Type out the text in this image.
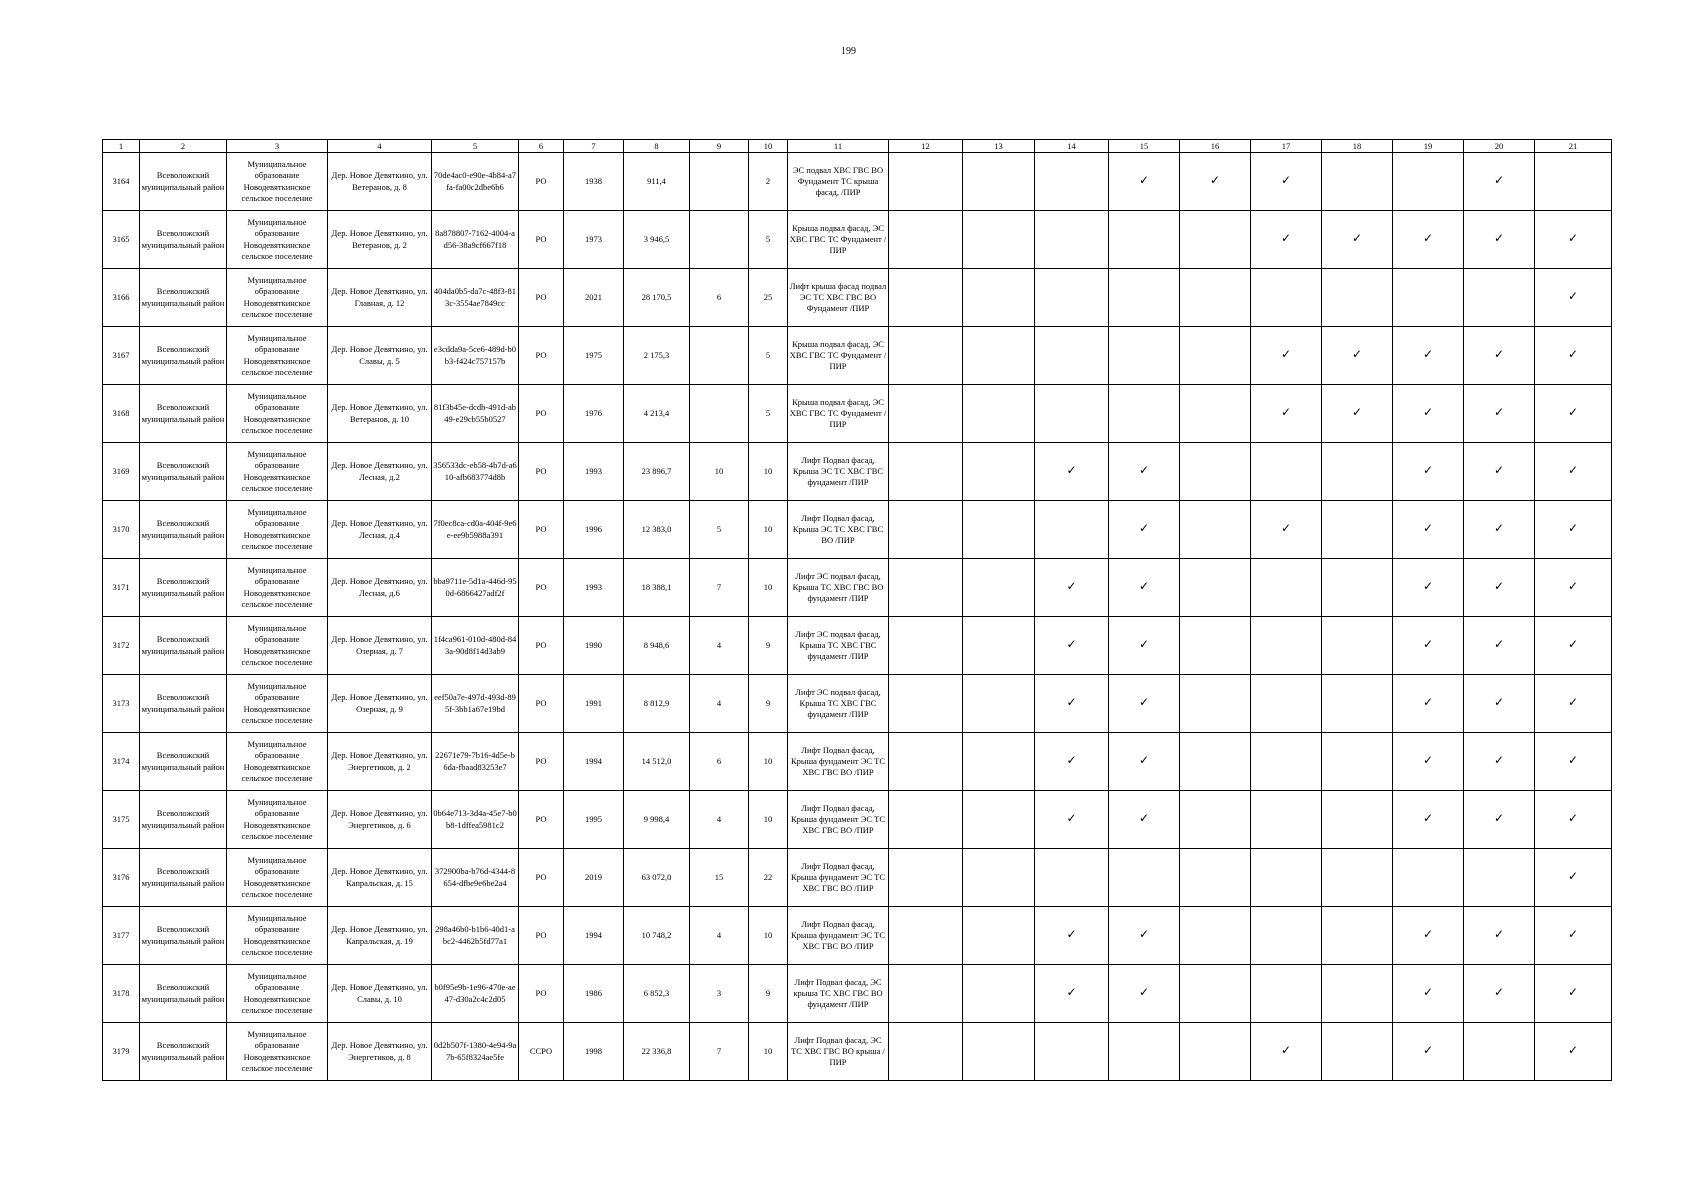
199
1	2	3	4	5	6	7	8	9	10	11	12	13	14	15	16	17	18	19	20	21
3164	Всеволожский муниципальный район	Муниципальное образование Новодевяткинское сельское поселение	Дер. Новое Девяткино, ул. Ветеранов, д. 8	70de4ac0-e90e-4b84-a7fa-fa00c2dbe6b6	РО	1938	911,4		2	ЭС подвал ХВС ГВС ВО Фундамент ТС крыша фасад, /ПИР				✓	✓	✓			✓	
3165	Всеволожский муниципальный район	Муниципальное образование Новодевяткинское сельское поселение	Дер. Новое Девяткино, ул. Ветеранов, д. 2	8a878807-7162-4004-ad56-38a9cf667f18	РО	1973	3 946,5		5	Крыша подвал фасад, ЭС ХВС ГВС ТС Фундамент /ПИР						✓	✓	✓	✓	✓
3166	Всеволожский муниципальный район	Муниципальное образование Новодевяткинское сельское поселение	Дер. Новое Девяткино, ул. Главная, д. 12	404da0b5-da7c-48f3-813c-3554ae7849cc	РО	2021	28 170,5	6	25	Лифт крыша фасад подвал ЭС ТС ХВС ГВС ВО Фундамент /ПИР										✓
3167	Всеволожский муниципальный район	Муниципальное образование Новодевяткинское сельское поселение	Дер. Новое Девяткино, ул. Славы, д. 5	e3cdda9a-5ce6-489d-b0b3-f424c757157b	РО	1975	2 175,3		5	Крыша подвал фасад, ЭС ХВС ГВС ТС Фундамент /ПИР						✓	✓	✓	✓	✓
3168	Всеволожский муниципальный район	Муниципальное образование Новодевяткинское сельское поселение	Дер. Новое Девяткино, ул. Ветеранов, д. 10	81f3b45e-dcdb-491d-ab49-e29cb55b0527	РО	1976	4 213,4		5	Крыша подвал фасад, ЭС ХВС ГВС ТС Фундамент /ПИР						✓	✓	✓	✓	✓
3169	Всеволожский муниципальный район	Муниципальное образование Новодевяткинское сельское поселение	Дер. Новое Девяткино, ул. Лесная, д.2	356533dc-eb58-4b7d-a610-afb683774d8b	РО	1993	23 896,7	10	10	Лифт Подвал фасад, Крыша ЭС ТС ХВС ГВС фундамент /ПИР			✓	✓				✓	✓	✓
3170	Всеволожский муниципальный район	Муниципальное образование Новодевяткинское сельское поселение	Дер. Новое Девяткино, ул. Лесная, д.4	7f0ec8ca-cd0a-404f-9e6e-ee9b5988a391	РО	1996	12 383,0	5	10	Лифт Подвал фасад, Крыша ЭС ТС ХВС ГВС ВО /ПИР				✓		✓		✓	✓	✓
3171	Всеволожский муниципальный район	Муниципальное образование Новодевяткинское сельское поселение	Дер. Новое Девяткино, ул. Лесная, д.6	bba9711e-5d1a-446d-950d-6866427adf2f	РО	1993	18 388,1	7	10	Лифт ЭС подвал фасад, Крыша ТС ХВС ГВС ВО фундамент /ПИР			✓	✓				✓	✓	✓
3172	Всеволожский муниципальный район	Муниципальное образование Новодевяткинское сельское поселение	Дер. Новое Девяткино, ул. Озерная, д. 7	1f4ca961-010d-480d-843a-90d8f14d3ab9	РО	1990	8 948,6	4	9	Лифт ЭС подвал фасад, Крыша ТС ХВС ГВС фундамент /ПИР			✓	✓				✓	✓	✓
3173	Всеволожский муниципальный район	Муниципальное образование Новодевяткинское сельское поселение	Дер. Новое Девяткино, ул. Озерная, д. 9	eef50a7e-497d-493d-895f-3bb1a67e19bd	РО	1991	8 812,9	4	9	Лифт ЭС подвал фасад, Крыша ТС ХВС ГВС фундамент /ПИР			✓	✓				✓	✓	✓
3174	Всеволожский муниципальный район	Муниципальное образование Новодевяткинское сельское поселение	Дер. Новое Девяткино, ул. Энергетиков, д. 2	22671e79-7b16-4d5e-b6da-fbaad83253e7	РО	1994	14 512,0	6	10	Лифт Подвал фасад, Крыша фундамент ЭС ТС ХВС ГВС ВО /ПИР			✓	✓				✓	✓	✓
3175	Всеволожский муниципальный район	Муниципальное образование Новодевяткинское сельское поселение	Дер. Новое Девяткино, ул. Энергетиков, д. 6	0b64e713-3d4a-45e7-b0b8-1dffea5981c2	РО	1995	9 998,4	4	10	Лифт Подвал фасад, Крыша фундамент ЭС ТС ХВС ГВС ВО /ПИР			✓	✓				✓	✓	✓
3176	Всеволожский муниципальный район	Муниципальное образование Новодевяткинское сельское поселение	Дер. Новое Девяткино, ул. Капральская, д. 15	372900ba-b76d-4344-8654-dfbe9e6be2a4	РО	2019	63 072,0	15	22	Лифт Подвал фасад, Крыша фундамент ЭС ТС ХВС ГВС ВО /ПИР										✓
3177	Всеволожский муниципальный район	Муниципальное образование Новодевяткинское сельское поселение	Дер. Новое Девяткино, ул. Капральская, д. 19	298a46b0-b1b6-40d1-abc2-4462b5fd77a1	РО	1994	10 748,2	4	10	Лифт Подвал фасад, Крыша фундамент ЭС ТС ХВС ГВС ВО /ПИР			✓	✓				✓	✓	✓
3178	Всеволожский муниципальный район	Муниципальное образование Новодевяткинское сельское поселение	Дер. Новое Девяткино, ул. Славы, д. 10	b0f95e9b-1e96-470e-ae47-d30a2c4c2d05	РО	1986	6 852,3	3	9	Лифт Подвал фасад, ЭС крыша ТС ХВС ГВС ВО фундамент /ПИР			✓	✓				✓	✓	✓
3179	Всеволожский муниципальный район	Муниципальное образование Новодевяткинское сельское поселение	Дер. Новое Девяткино, ул. Энергетиков, д. 8	0d2b507f-1380-4e94-9a7b-65f8324ae5fe	ССРО	1998	22 336,8	7	10	Лифт Подвал фасад, ЭС ТС ХВС ГВС ВО крыша /ПИР						✓		✓		✓
